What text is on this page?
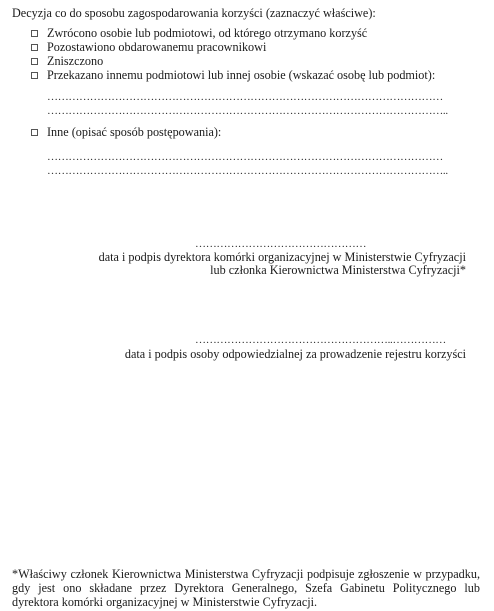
Decyzja co do sposobu zagospodarowania korzyści (zaznaczyć właściwe):
Zwrócono osobie lub podmiotowi, od którego otrzymano korzyść
Pozostawiono obdarowanemu pracownikowi
Zniszczono
Przekazano innemu podmiotowi lub innej osobie (wskazać osobę lub podmiot):
…………………………………………………………………………………………………
…………………………………………………………………………………………………..
Inne (opisać sposób postępowania):
…………………………………………………………………………………………………
…………………………………………………………………………………………………..
…………………………………………
data i podpis dyrektora komórki organizacyjnej w Ministerstwie Cyfryzacji
lub członka Kierownictwa Ministerstwa Cyfryzacji*
………………………………………………..……………
data i podpis osoby odpowiedzialnej za prowadzenie rejestru korzyści
*Właściwy członek Kierownictwa Ministerstwa Cyfryzacji podpisuje zgłoszenie w przypadku,
gdy jest ono składane przez Dyrektora Generalnego, Szefa Gabinetu Politycznego lub
dyrektora komórki organizacyjnej w Ministerstwie Cyfryzacji.
